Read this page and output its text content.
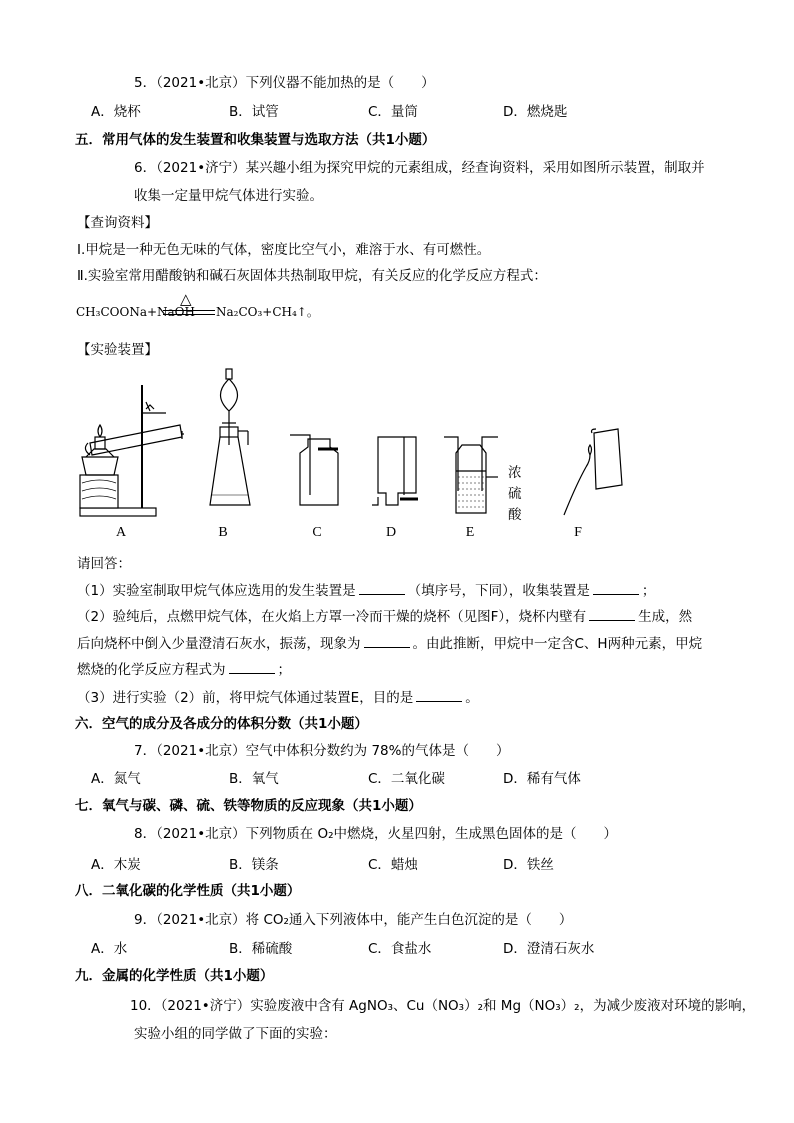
5．（2021•北京）下列仪器不能加热的是（　　）
A．烧杯	B．试管	C．量筒	D．燃烧匙
五．常用气体的发生装置和收集装置与选取方法（共1小题）
6．（2021•济宁）某兴趣小组为探究甲烷的元素组成，经查询资料，采用如图所示装置，制取并
收集一定量甲烷气体进行实验。
【查询资料】
Ⅰ.甲烷是一种无色无味的气体，密度比空气小，难溶于水、有可燃性。
Ⅱ.实验室常用醋酸钠和碱石灰固体共热制取甲烷，有关反应的化学反应方程式：
CH₃COONa+NaOH
△
Na₂CO₃+CH₄↑。
【实验装置】
浓
硫
酸
A	B	C	D	E	F
请回答：
（1）实验室制取甲烷气体应选用的发生装置是	（填序号，下同），收集装置是	；
（2）验纯后，点燃甲烷气体，在火焰上方罩一冷而干燥的烧杯（见图F），烧杯内壁有	生成，然
后向烧杯中倒入少量澄清石灰水，振荡，现象为	。由此推断，甲烷中一定含C、H两种元素，甲烷
燃烧的化学反应方程式为	；
（3）进行实验（2）前，将甲烷气体通过装置E，目的是	。
六．空气的成分及各成分的体积分数（共1小题）
7．（2021•北京）空气中体积分数约为 78%的气体是（　　）
A．氮气	B．氧气	C．二氧化碳	D．稀有气体
七．氧气与碳、磷、硫、铁等物质的反应现象（共1小题）
8．（2021•北京）下列物质在 O₂中燃烧，火星四射，生成黑色固体的是（　　）
A．木炭	B．镁条	C．蜡烛	D．铁丝
八．二氧化碳的化学性质（共1小题）
9．（2021•北京）将 CO₂通入下列液体中，能产生白色沉淀的是（　　）
A．水	B．稀硫酸	C．食盐水	D．澄清石灰水
九．金属的化学性质（共1小题）
10．（2021•济宁）实验废液中含有 AgNO₃、Cu（NO₃）₂和 Mg（NO₃）₂，为减少废液对环境的影响，
实验小组的同学做了下面的实验：
